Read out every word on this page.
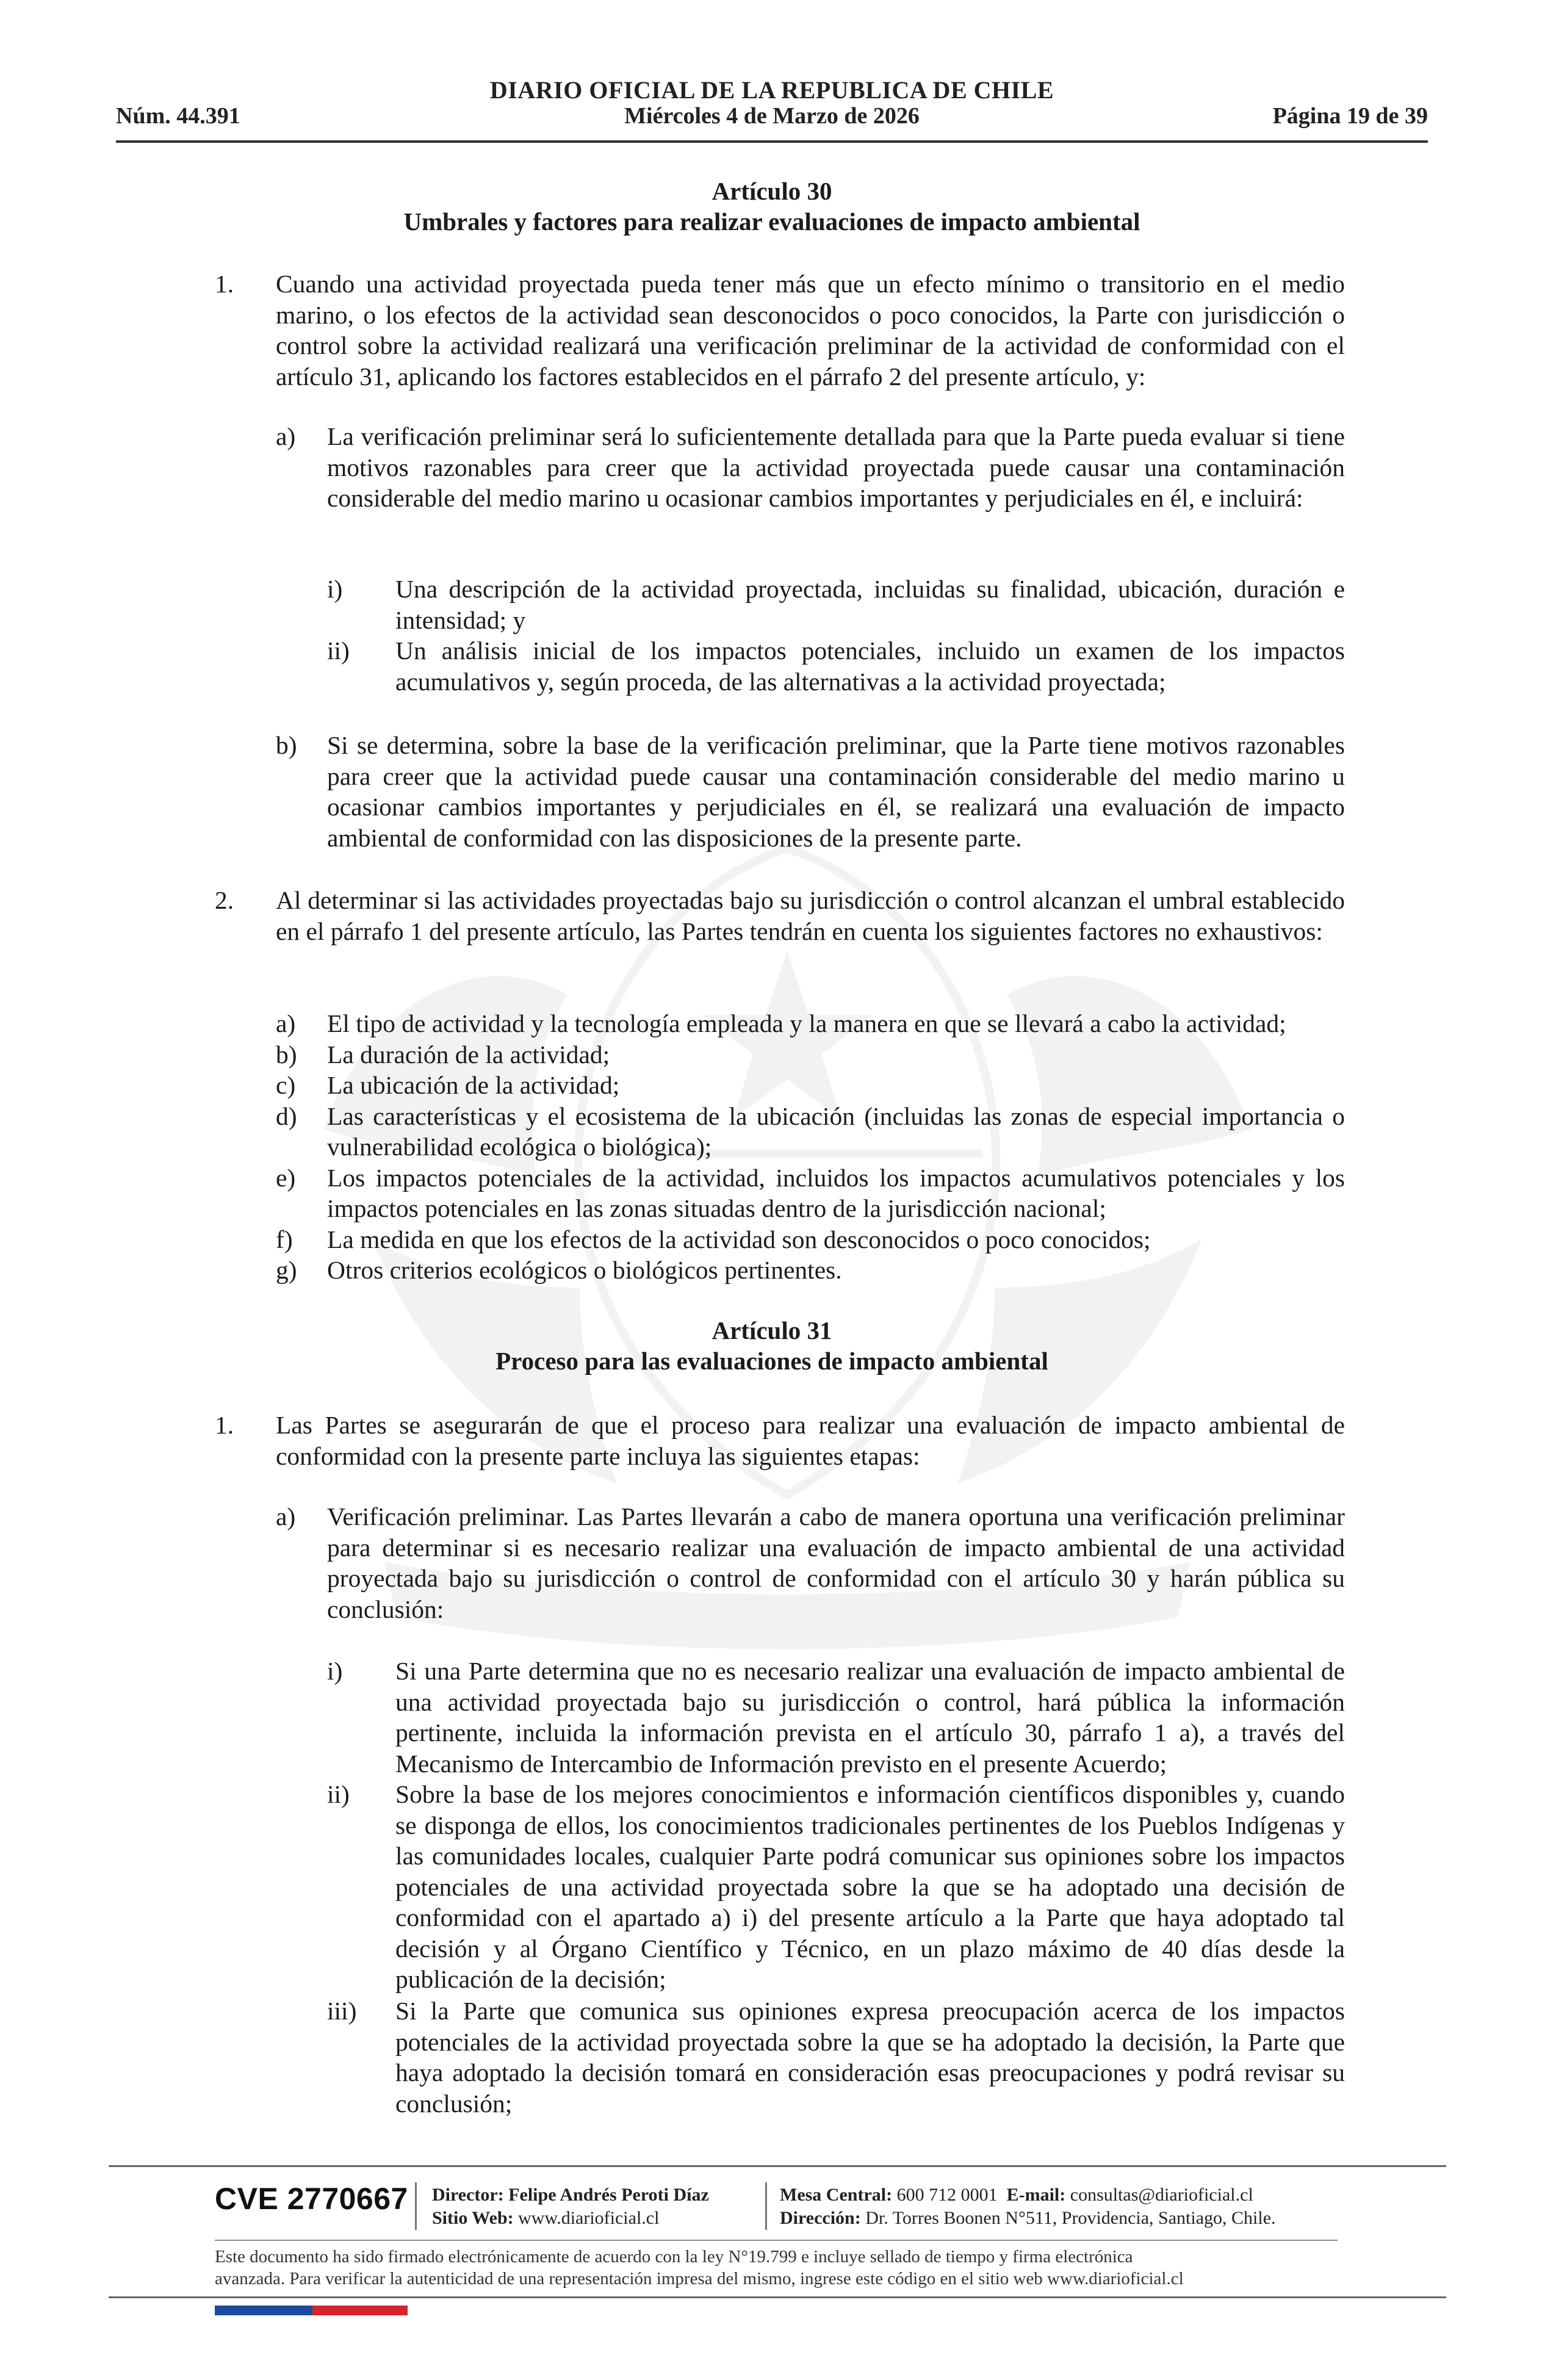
DIARIO OFICIAL DE LA REPUBLICA DE CHILE
Núm. 44.391	Miércoles 4 de Marzo de 2026	Página 19 de 39
Artículo 30
Umbrales y factores para realizar evaluaciones de impacto ambiental
1. Cuando una actividad proyectada pueda tener más que un efecto mínimo o transitorio en el medio marino, o los efectos de la actividad sean desconocidos o poco conocidos, la Parte con jurisdicción o control sobre la actividad realizará una verificación preliminar de la actividad de conformidad con el artículo 31, aplicando los factores establecidos en el párrafo 2 del presente artículo, y:
a) La verificación preliminar será lo suficientemente detallada para que la Parte pueda evaluar si tiene motivos razonables para creer que la actividad proyectada puede causar una contaminación considerable del medio marino u ocasionar cambios importantes y perjudiciales en él, e incluirá:
i) Una descripción de la actividad proyectada, incluidas su finalidad, ubicación, duración e intensidad; y
ii) Un análisis inicial de los impactos potenciales, incluido un examen de los impactos acumulativos y, según proceda, de las alternativas a la actividad proyectada;
b) Si se determina, sobre la base de la verificación preliminar, que la Parte tiene motivos razonables para creer que la actividad puede causar una contaminación considerable del medio marino u ocasionar cambios importantes y perjudiciales en él, se realizará una evaluación de impacto ambiental de conformidad con las disposiciones de la presente parte.
2. Al determinar si las actividades proyectadas bajo su jurisdicción o control alcanzan el umbral establecido en el párrafo 1 del presente artículo, las Partes tendrán en cuenta los siguientes factores no exhaustivos:
a) El tipo de actividad y la tecnología empleada y la manera en que se llevará a cabo la actividad;
b) La duración de la actividad;
c) La ubicación de la actividad;
d) Las características y el ecosistema de la ubicación (incluidas las zonas de especial importancia o vulnerabilidad ecológica o biológica);
e) Los impactos potenciales de la actividad, incluidos los impactos acumulativos potenciales y los impactos potenciales en las zonas situadas dentro de la jurisdicción nacional;
f) La medida en que los efectos de la actividad son desconocidos o poco conocidos;
g) Otros criterios ecológicos o biológicos pertinentes.
Artículo 31
Proceso para las evaluaciones de impacto ambiental
1. Las Partes se asegurarán de que el proceso para realizar una evaluación de impacto ambiental de conformidad con la presente parte incluya las siguientes etapas:
a) Verificación preliminar. Las Partes llevarán a cabo de manera oportuna una verificación preliminar para determinar si es necesario realizar una evaluación de impacto ambiental de una actividad proyectada bajo su jurisdicción o control de conformidad con el artículo 30 y harán pública su conclusión:
i) Si una Parte determina que no es necesario realizar una evaluación de impacto ambiental de una actividad proyectada bajo su jurisdicción o control, hará pública la información pertinente, incluida la información prevista en el artículo 30, párrafo 1 a), a través del Mecanismo de Intercambio de Información previsto en el presente Acuerdo;
ii) Sobre la base de los mejores conocimientos e información científicos disponibles y, cuando se disponga de ellos, los conocimientos tradicionales pertinentes de los Pueblos Indígenas y las comunidades locales, cualquier Parte podrá comunicar sus opiniones sobre los impactos potenciales de una actividad proyectada sobre la que se ha adoptado una decisión de conformidad con el apartado a) i) del presente artículo a la Parte que haya adoptado tal decisión y al Órgano Científico y Técnico, en un plazo máximo de 40 días desde la publicación de la decisión;
iii) Si la Parte que comunica sus opiniones expresa preocupación acerca de los impactos potenciales de la actividad proyectada sobre la que se ha adoptado la decisión, la Parte que haya adoptado la decisión tomará en consideración esas preocupaciones y podrá revisar su conclusión;
CVE 2770667 Director: Felipe Andrés Peroti Díaz
Sitio Web: www.diarioficial.cl
Mesa Central: 600 712 0001 E-mail: consultas@diarioficial.cl
Dirección: Dr. Torres Boonen N°511, Providencia, Santiago, Chile.
Este documento ha sido firmado electrónicamente de acuerdo con la ley N°19.799 e incluye sellado de tiempo y firma electrónica
avanzada. Para verificar la autenticidad de una representación impresa del mismo, ingrese este código en el sitio web www.diarioficial.cl
